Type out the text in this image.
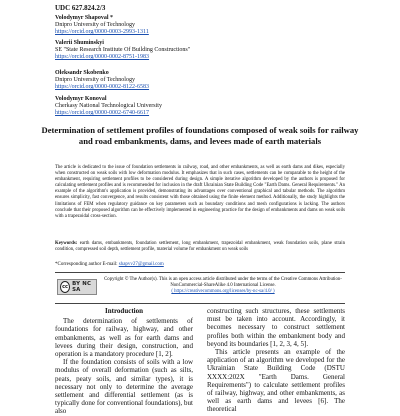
UDC 627.824.2/3
Volodymyr Shapoval *
Dnipro University of Technology
https://orcid.org/0000-0003-2993-1311
Valerii Shuminskyi
SE "State Research Institute Of Building Constructions"
https://orcid.org/0000-0002-8751-1983
Oleksandr Skobenko
Dnipro University of Technology
https://orcid.org/0000-0002-8122-6583
Volodymyr Konoval
Cherkasy National Technological University
https://orcid.org/0000-0002-6740-6617
Determination of settlement profiles of foundations composed of weak soils for railway and road embankments, dams, and levees made of earth materials
The article is dedicated to the issue of foundation settlements in railway, road, and other embankments, as well as earth dams and dikes, especially when constructed on weak soils with low deformation modulus. It emphasizes that in such cases, settlements can be comparable to the height of the embankment, requiring settlement profiles to be considered during design. A simple iterative algorithm developed by the authors is proposed for calculating settlement profiles and is recommended for inclusion in the draft Ukrainian State Building Code "Earth Dams. General Requirements." An example of the algorithm's application is provided, demonstrating its advantages over conventional graphical and tabular methods. The algorithm ensures simplicity, fast convergence, and results consistent with those obtained using the finite element method. Additionally, the study highlights the limitations of FEM when regulatory guidance on key parameters such as boundary conditions and mesh configurations is lacking. The authors conclude that their proposed algorithm can be effectively implemented in engineering practice for the design of embankments and dams on weak soils with a trapezoidal cross-section.
Keywords: earth dams, embankments, foundation settlement, long embankment, trapezoidal embankment, weak foundation soils, plane strain condition, compressed soil depth, settlement profile, material volume for embankment on weak soils
*Corresponding author E-mail: shapvv27@gmail.com
cc BY NC SA
Copyright © The Author(s). This is an open access article distributed under the terms of the Creative Commons Attribution-NonCommercial-ShareAlike 4.0 International License.
( https://creativecommons.org/licenses/by-nc-sa/4.0/ )
Introduction

The determination of settlements of foundations for railway, highway, and other embankments, as well as for earth dams and levees during their design, construction, and operation is a mandatory procedure [1, 2].

If the foundation consists of soils with a low modulus of overall deformation (such as silts, peats, peaty soils, and similar types), it is necessary not only to determine the average settlement and differential settlement (as is typically done for conventional foundations), but also

constructing such structures, these settlements must be taken into account. Accordingly, it becomes necessary to construct settlement profiles both within the embankment body and beyond its boundaries [1, 2, 3, 4, 5].

This article presents an example of the application of an algorithm we developed for the Ukrainian State Building Code (DSTU XXXX:202X "Earth Dams. General Requirements") to calculate settlement profiles of railway, highway, and other embankments, as well as earth dams and levees [6]. The theoretical
